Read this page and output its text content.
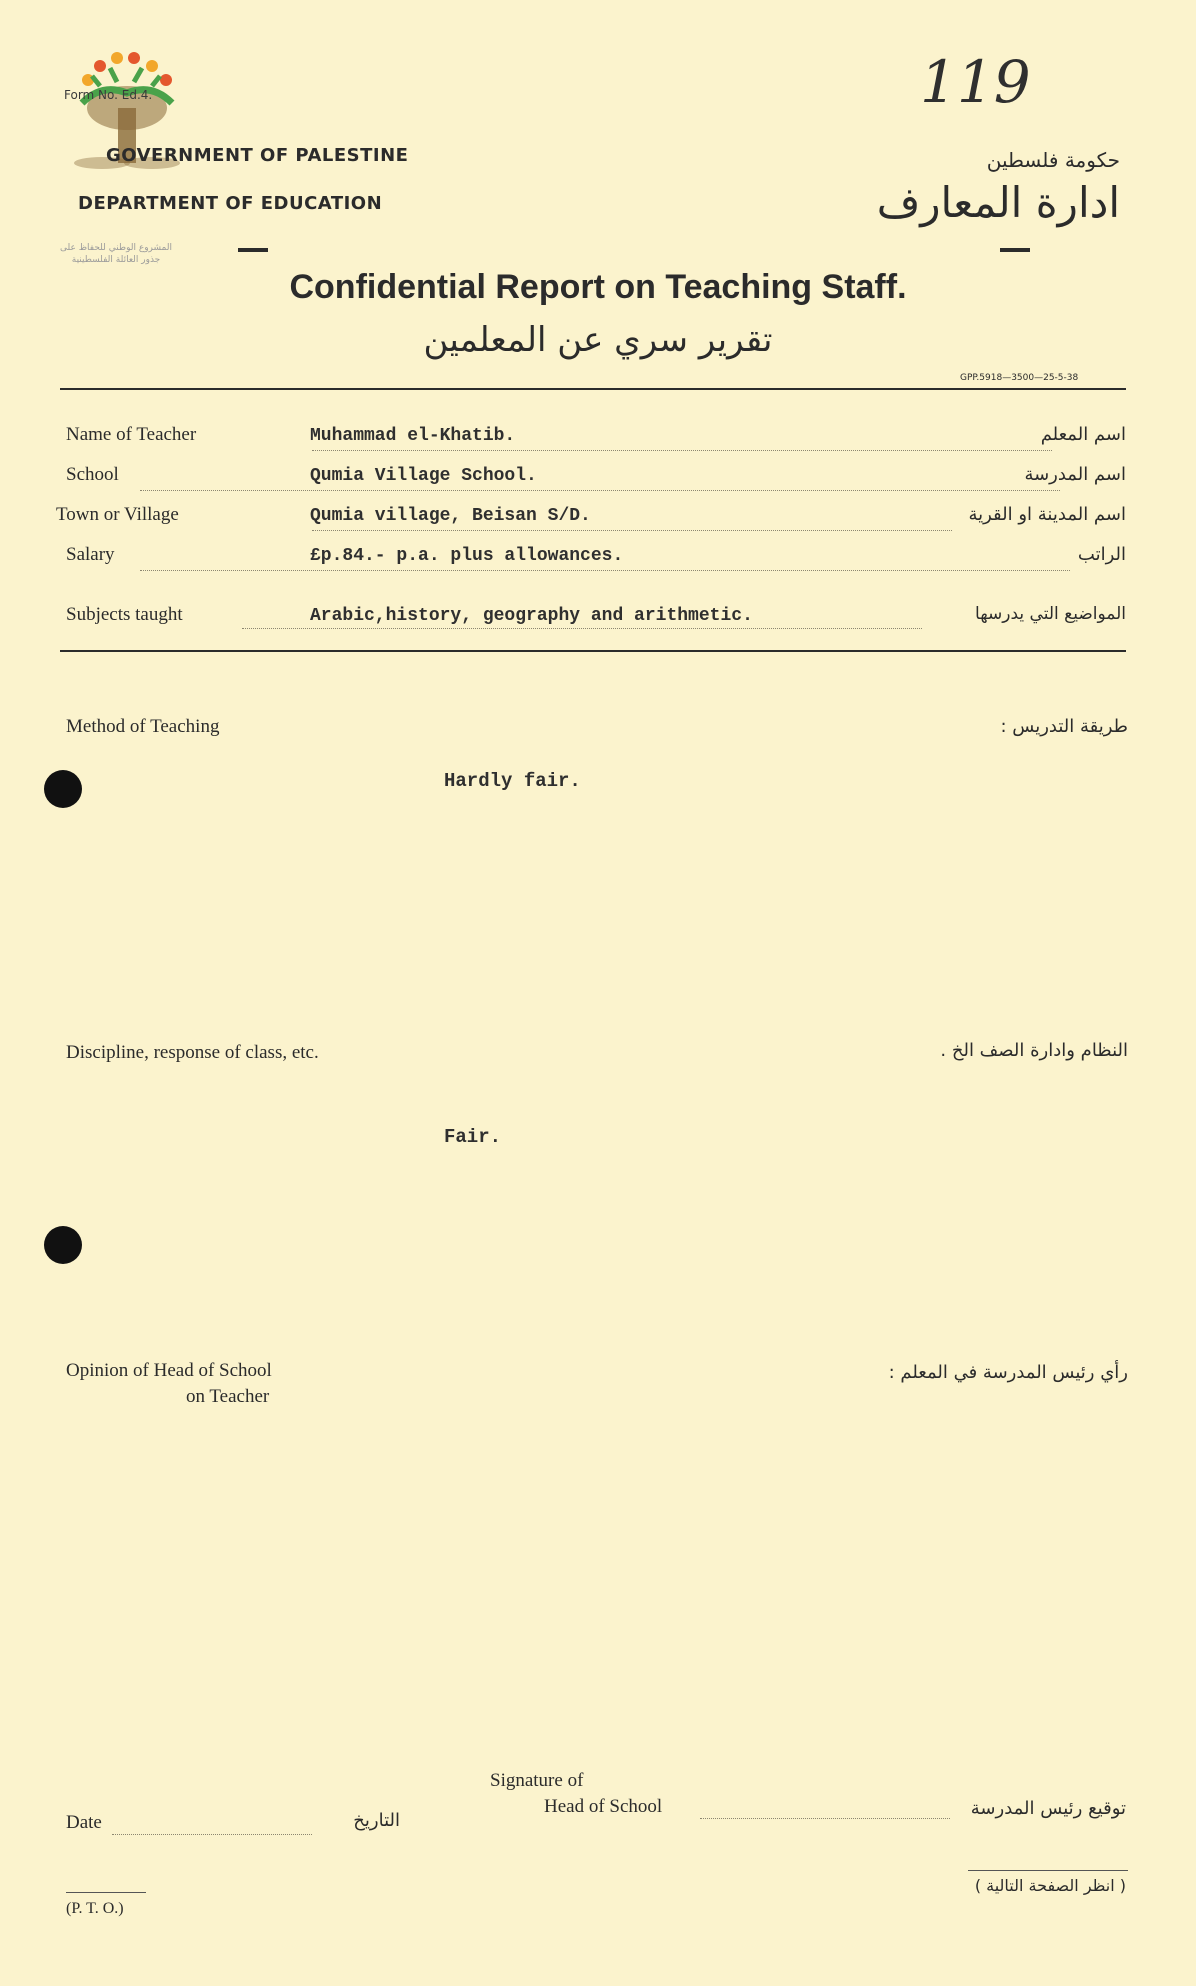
Form No. Ed.4.
المشروع الوطني للحفاظ على
جذور العائلة الفلسطينية
GOVERNMENT OF PALESTINE
DEPARTMENT OF EDUCATION
119
حكومة فلسطين
ادارة المعارف
Confidential Report on Teaching Staff.
تقرير سري عن المعلمين
GPP.5918—3500—25-5-38
Name of Teacher	Muhammad el-Khatib.	اسم المعلم
School	Qumia Village School.	اسم المدرسة
Town or Village	Qumia village, Beisan S/D.	اسم المدينة او القرية
Salary	£p.84.- p.a. plus allowances.	الراتب
Subjects taught	Arabic,history, geography and arithmetic.	المواضيع التي يدرسها
Method of Teaching	طريقة التدريس :
Hardly fair.
Discipline, response of class, etc.	النظام وادارة الصف الخ .
Fair.
Opinion of Head of School
on Teacher
رأي رئيس المدرسة في المعلم :
Date	التاريخ
Signature of
Head of School	توقيع رئيس المدرسة
(P. T. O.)
( انظر الصفحة التالية )
